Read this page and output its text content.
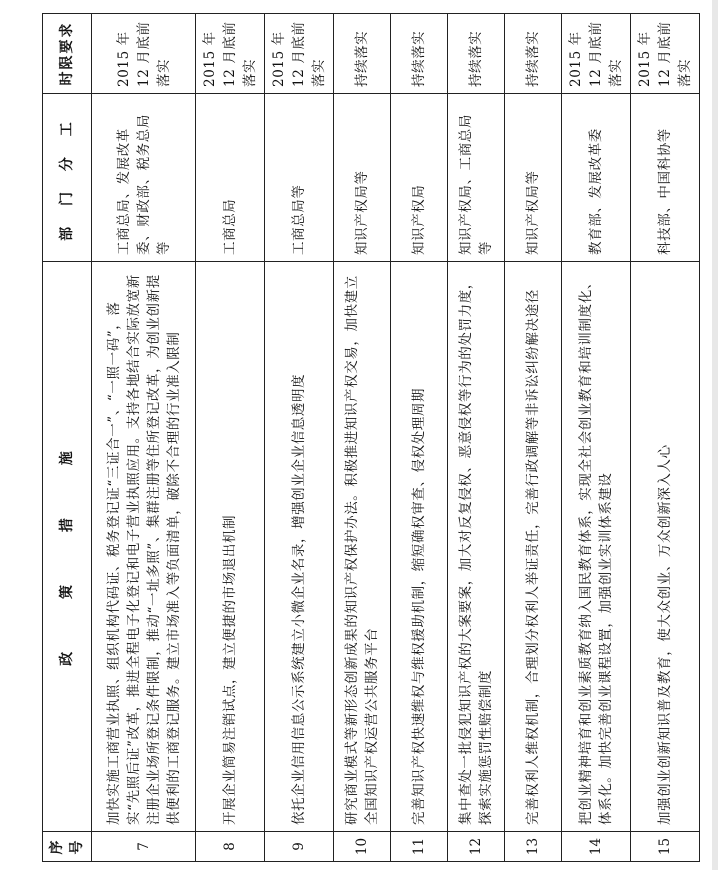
序号	政 策 措 施	部 门 分 工	时限要求
7	加快实施工商营业执照、组织机构代码证、税务登记证“三证合一”、“一照一码”，落实“先照后证”改革，推进全程电子化登记和电子营业执照应用。支持各地结合实际放宽新注册企业场所登记条件限制，推动“一址多照”、集群注册等住所登记改革，为创业创新提供便利的工商登记服务。建立市场准入等负面清单，破除不合理的行业准入限制	工商总局、发展改革委、财政部、税务总局等	2015 年 12 月底前落实
8	开展企业简易注销试点，建立便捷的市场退出机制	工商总局	2015 年 12 月底前落实
9	依托企业信用信息公示系统建立小微企业名录，增强创业企业信息透明度	工商总局等	2015 年 12 月底前落实
10	研究商业模式等新形态创新成果的知识产权保护办法。积极推进知识产权交易，加快建立全国知识产权运营公共服务平台	知识产权局等	持续落实
11	完善知识产权快速维权与维权援助机制，缩短确权审查、侵权处理周期	知识产权局	持续落实
12	集中查处一批侵犯知识产权的大案要案，加大对反复侵权、恶意侵权等行为的处罚力度，探索实施惩罚性赔偿制度	知识产权局、工商总局等	持续落实
13	完善权利人维权机制，合理划分权利人举证责任，完善行政调解等非诉讼纠纷解决途径	知识产权局等	持续落实
14	把创业精神培育和创业素质教育纳入国民教育体系，实现全社会创业教育和培训制度化、体系化。加快完善创业课程设置，加强创业实训体系建设	教育部、发展改革委	2015 年 12 月底前落实
15	加强创业创新知识普及教育，使大众创业、万众创新深入人心	科技部、中国科协等	2015 年 12 月底前落实
